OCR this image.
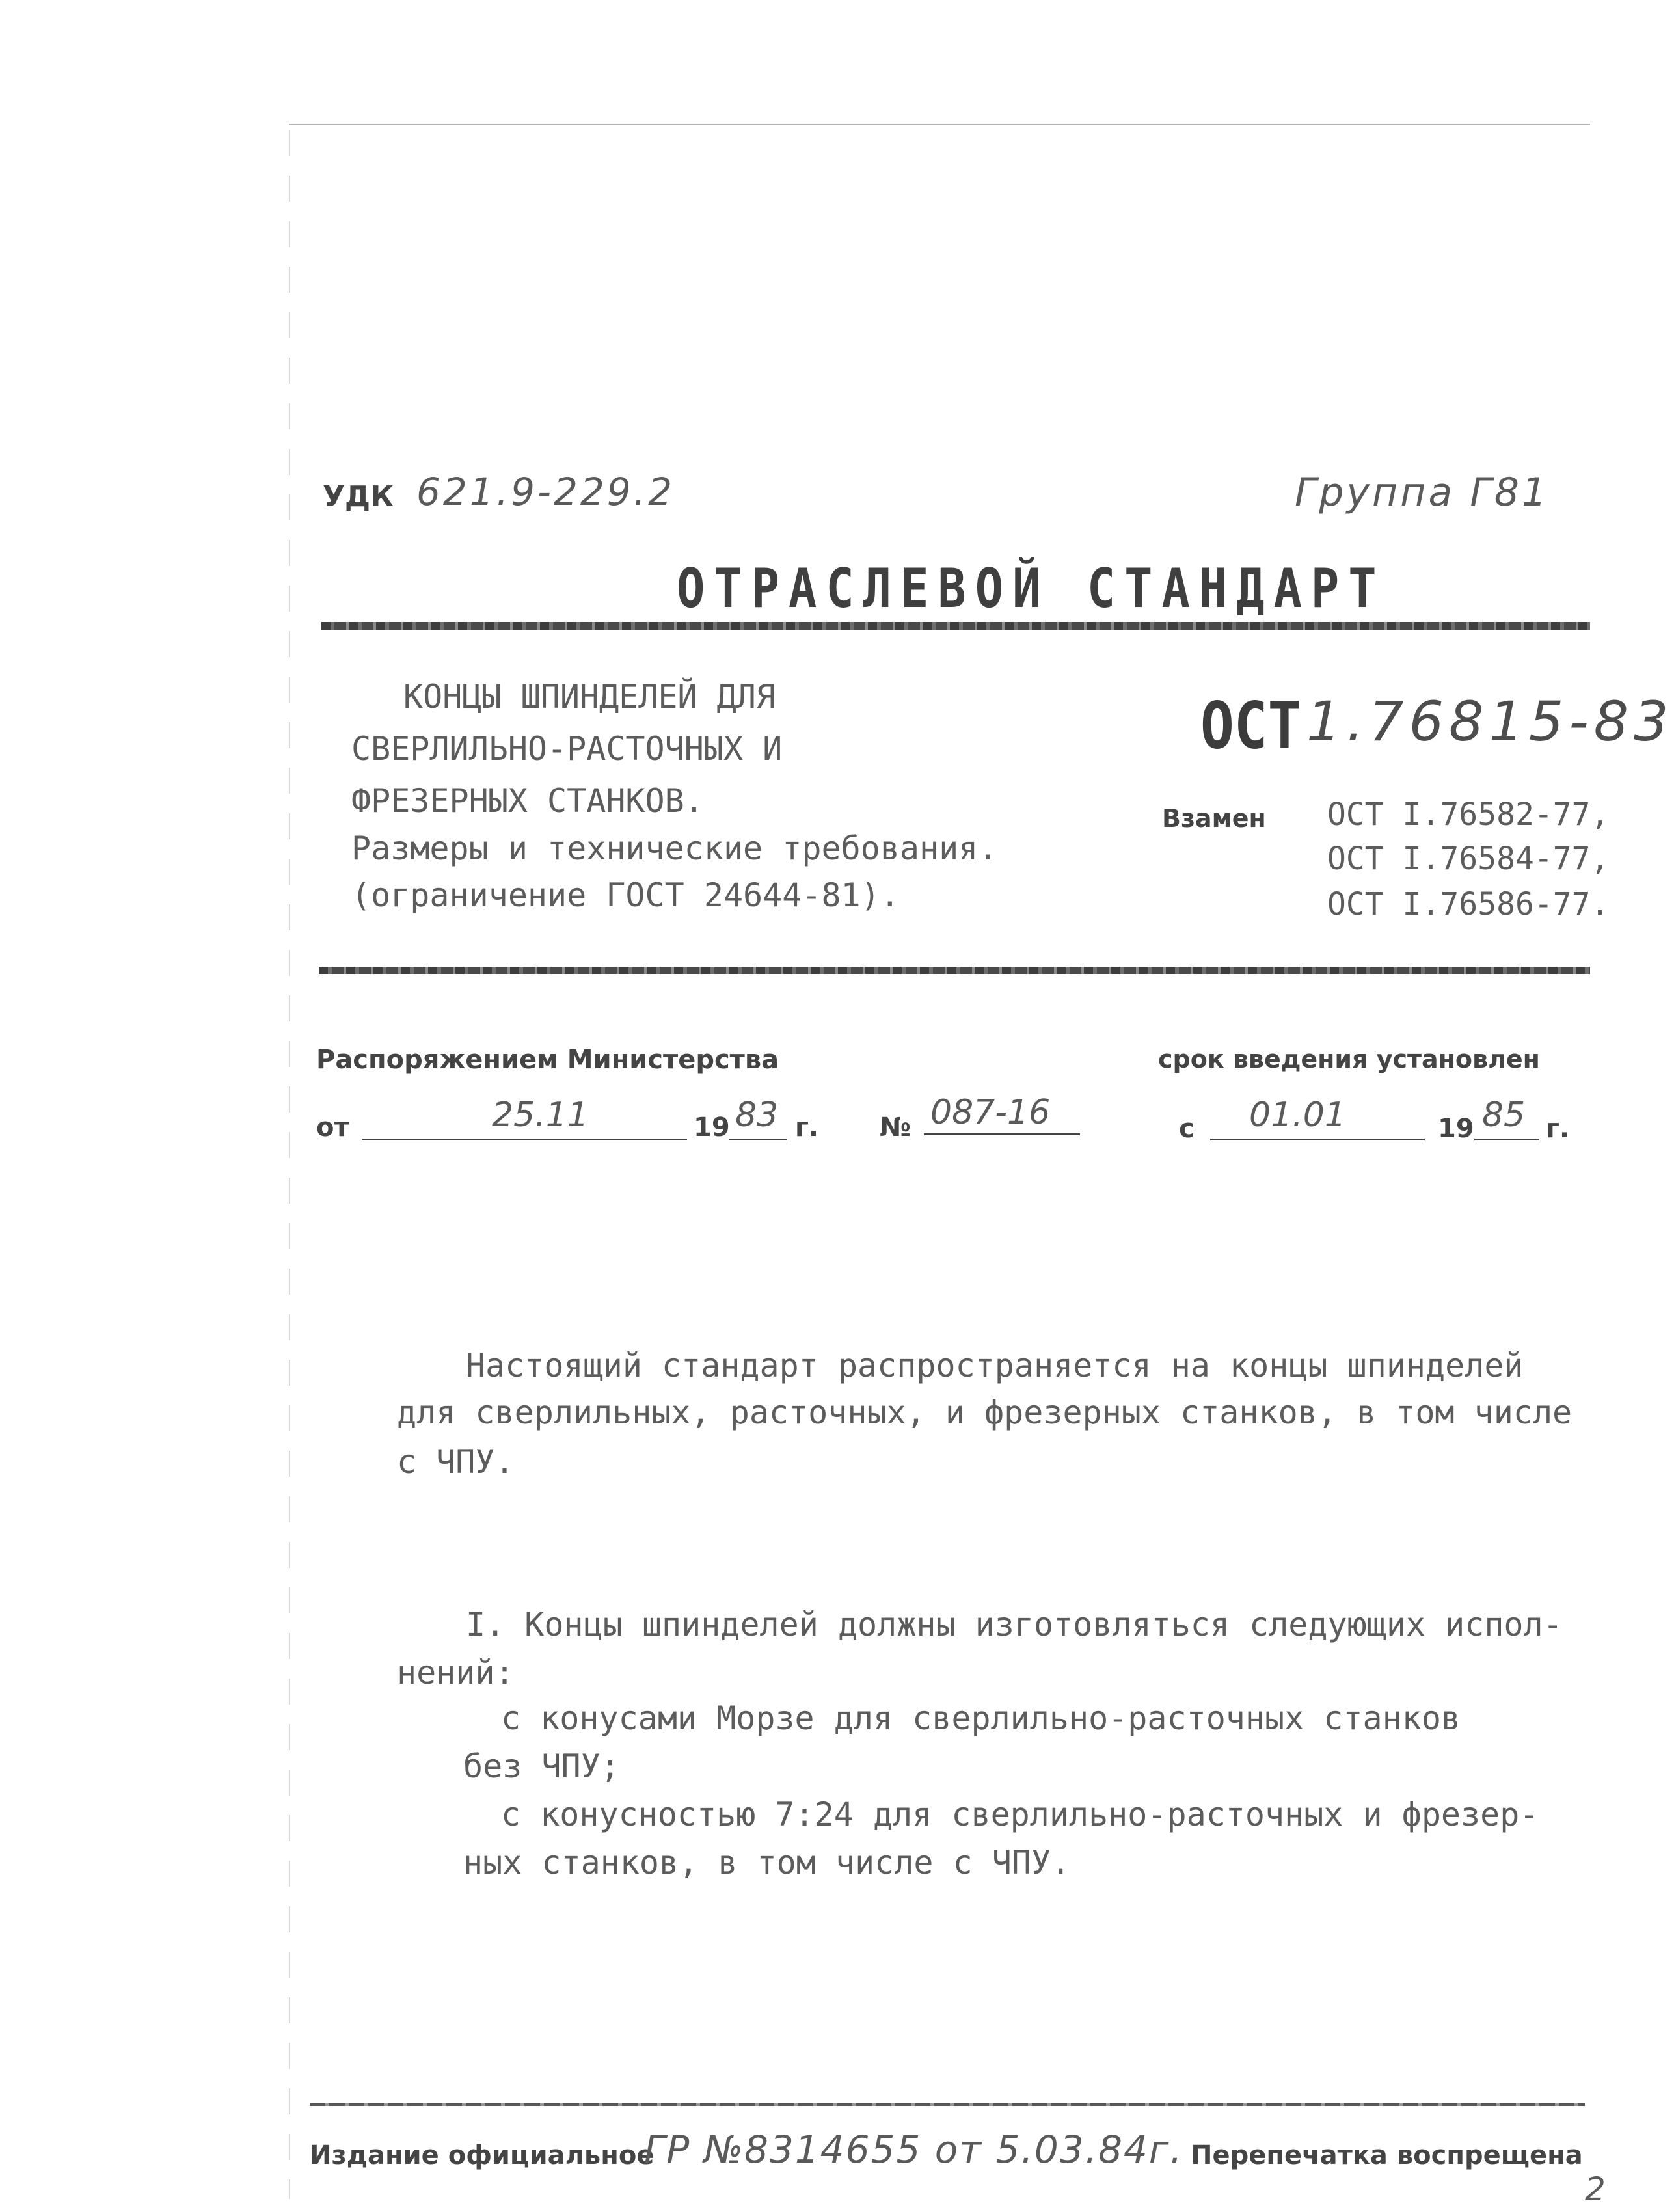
УДК 621.9-229.2	Группа Г81
ОТРАСЛЕВОЙ СТАНДАРТ
КОНЦЫ ШПИНДЕЛЕЙ ДЛЯ
СВЕРЛИЛЬНО-РАСТОЧНЫХ И
ФРЕЗЕРНЫХ СТАНКОВ.
Размеры и технические требования.
(ограничение ГОСТ 24644-81).
ОСТ 1.76815-83
Взамен ОСТ I.76582-77,
ОСТ I.76584-77,
ОСТ I.76586-77.
Распоряжением Министерства	срок введения установлен
от	25.11	19 83 г. № 087-16	с 01.01	19 85 г.
Настоящий стандарт распространяется на концы шпинделей
для сверлильных, расточных, и фрезерных станков, в том числе
с ЧПУ.
I. Концы шпинделей должны изготовляться следующих испол-
нений:
с конусами Морзе для сверлильно-расточных станков
без ЧПУ;
с конусностью 7:24 для сверлильно-расточных и фрезер-
ных станков, в том числе с ЧПУ.
Издание официальное
ГР №8314655 от 5.03.84г. Перепечатка воспрещена
2
